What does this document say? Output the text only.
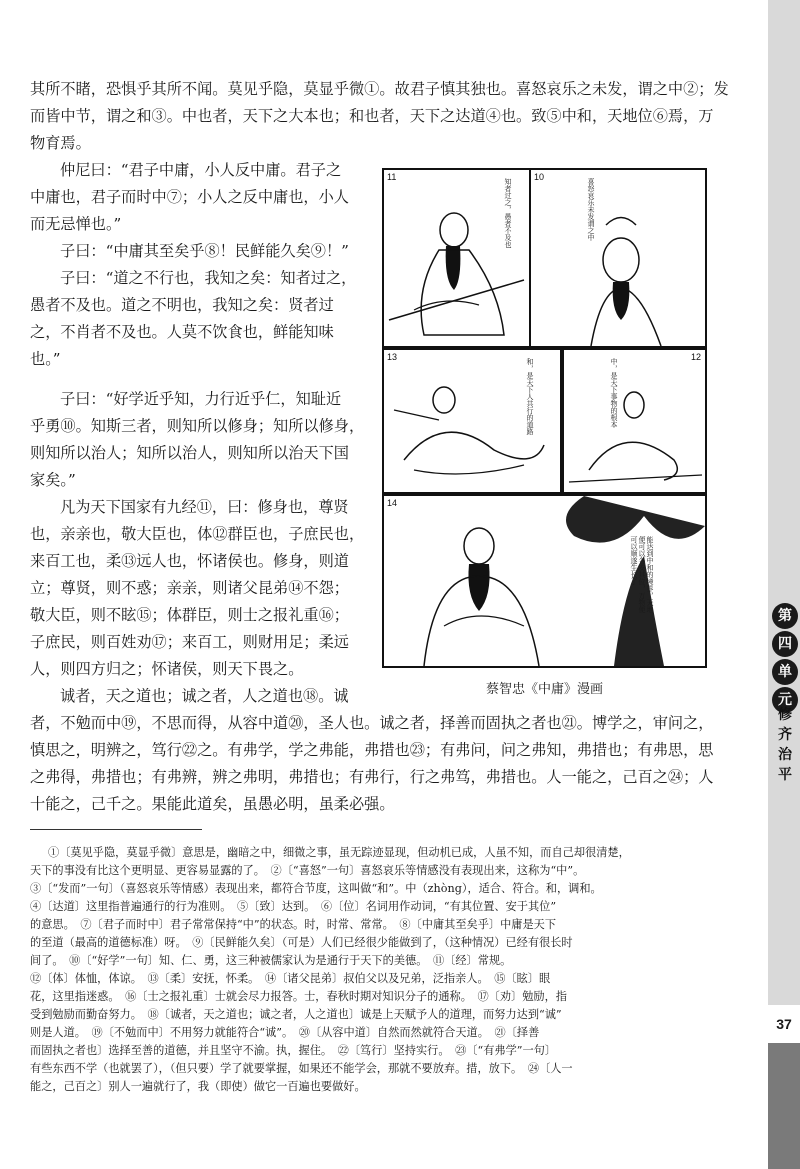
第
四
单
元
修齐治平
37
其所不睹，恐惧乎其所不闻。莫见乎隐，莫显乎微①。故君子慎其独也。喜怒哀乐之未发，谓之中②；发
而皆中节，谓之和③。中也者，天下之大本也；和也者，天下之达道④也。致⑤中和，天地位⑥焉，万
物育焉。
仲尼曰：“君子中庸，小人反中庸。君子之
中庸也，君子而时中⑦；小人之反中庸也，小人
而无忌惮也。”
子曰：“中庸其至矣乎⑧！民鲜能久矣⑨！”
子曰：“道之不行也，我知之矣：知者过之，
愚者不及也。道之不明也，我知之矣：贤者过
之，不肖者不及也。人莫不饮食也，鲜能知味
也。”
子曰：“好学近乎知，力行近乎仁，知耻近
乎勇⑩。知斯三者，则知所以修身；知所以修身，
则知所以治人；知所以治人，则知所以治天下国
家矣。”
凡为天下国家有九经⑪，曰：修身也，尊贤
也，亲亲也，敬大臣也，体⑫群臣也，子庶民也，
来百工也，柔⑬远人也，怀诸侯也。修身，则道
立；尊贤，则不惑；亲亲，则诸父昆弟⑭不怨；
敬大臣，则不眩⑮；体群臣，则士之报礼重⑯；
子庶民，则百姓劝⑰；来百工，则财用足；柔远
人，则四方归之；怀诸侯，则天下畏之。
诚者，天之道也；诚之者，人之道也⑱。诚
者，不勉而中⑲，不思而得，从容中道⑳，圣人也。诚之者，择善而固执之者也㉑。博学之，审问之，
慎思之，明辨之，笃行㉒之。有弗学，学之弗能，弗措也㉓；有弗问，问之弗知，弗措也；有弗思，思
之弗得，弗措也；有弗辨，辨之弗明，弗措也；有弗行，行之弗笃，弗措也。人一能之，己百之㉔；人
十能之，己千之。果能此道矣，虽愚必明，虽柔必强。
11
知者过之，愚者不及也
10
喜怒哀乐未发谓之中
13
和，是天下人共行的道路
12
中，是天下事物的根本
14
能达到中和的境界，天地便可以各安其位，万物便可以顺遂生长了
蔡智忠《中庸》漫画
①〔莫见乎隐，莫显乎微〕意思是，幽暗之中，细微之事，虽无踪迹显现，但动机已成，人虽不知，而自己却很清楚，
天下的事没有比这个更明显、更容易显露的了。　②〔“喜怒”一句〕喜怒哀乐等情感没有表现出来，这称为“中”。
③〔“发而”一句〕（喜怒哀乐等情感）表现出来，都符合节度，这叫做“和”。中（zhòng），适合、符合。和，调和。
④〔达道〕这里指普遍通行的行为准则。　⑤〔致〕达到。　⑥〔位〕名词用作动词，“有其位置、安于其位”
的意思。　⑦〔君子而时中〕君子常常保持“中”的状态。时，时常、常常。　⑧〔中庸其至矣乎〕中庸是天下
的至道（最高的道德标准）呀。　⑨〔民鲜能久矣〕（可是）人们已经很少能做到了，（这种情况）已经有很长时
间了。　⑩〔“好学”一句〕知、仁、勇，这三种被儒家认为是通行于天下的美德。　⑪〔经〕常规。
⑫〔体〕体恤，体谅。　⑬〔柔〕安抚，怀柔。　⑭〔诸父昆弟〕叔伯父以及兄弟，泛指亲人。　⑮〔眩〕眼
花，这里指迷惑。　⑯〔士之报礼重〕士就会尽力报答。士，春秋时期对知识分子的通称。　⑰〔劝〕勉励，指
受到勉励而勤奋努力。　⑱〔诚者，天之道也；诚之者，人之道也〕诚是上天赋予人的道理，而努力达到“诚”
则是人道。　⑲〔不勉而中〕不用努力就能符合“诚”。　⑳〔从容中道〕自然而然就符合天道。　㉑〔择善
而固执之者也〕选择至善的道德，并且坚守不渝。执，握住。　㉒〔笃行〕坚持实行。　㉓〔“有弗学”一句〕
有些东西不学（也就罢了），（但只要）学了就要掌握，如果还不能学会，那就不要放弃。措，放下。　㉔〔人一
能之，己百之〕别人一遍就行了，我（即使）做它一百遍也要做好。
